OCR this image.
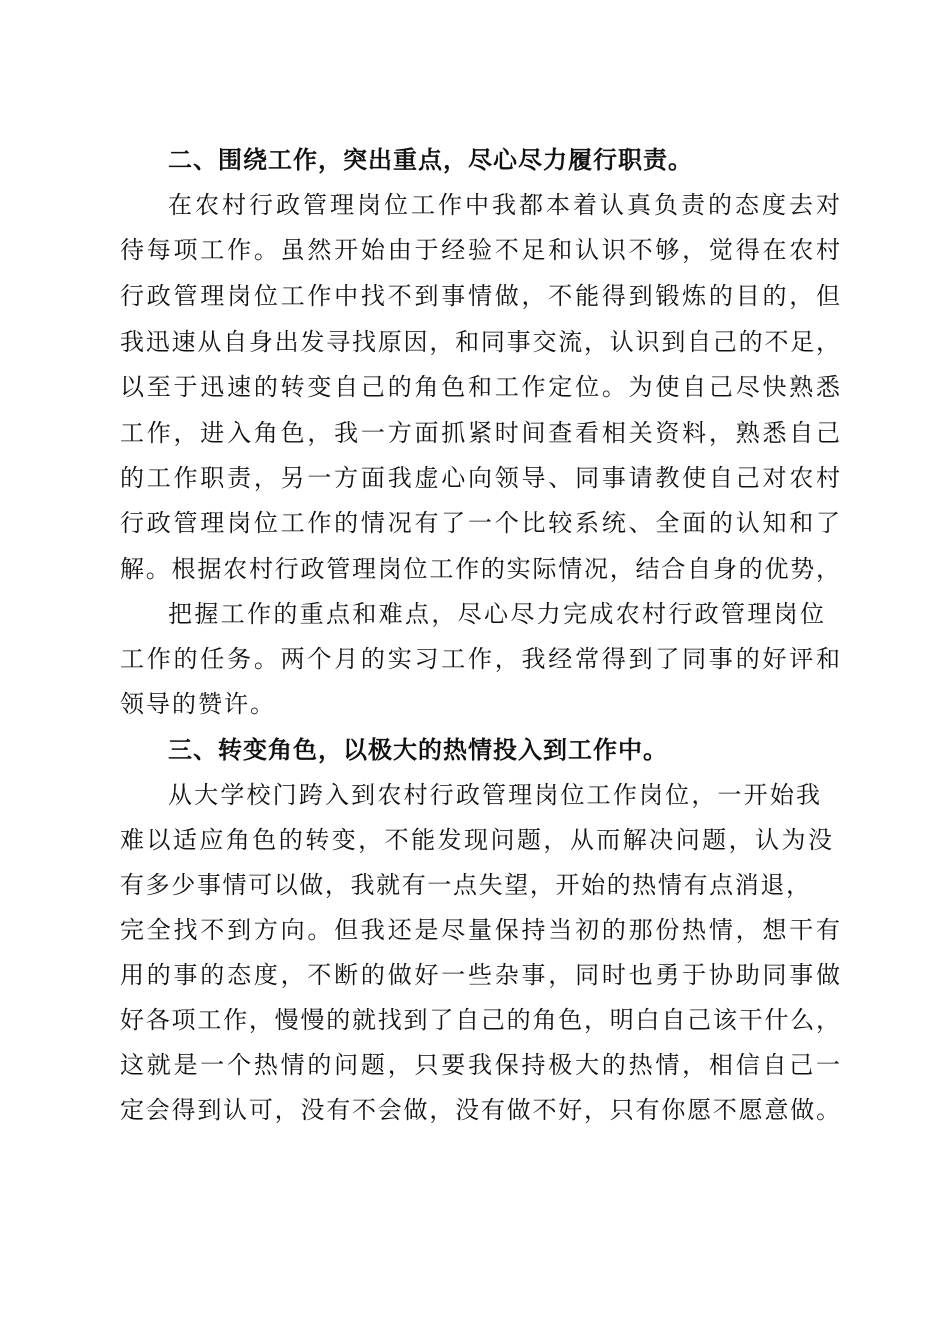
二、围绕工作，突出重点，尽心尽力履行职责。
在农村行政管理岗位工作中我都本着认真负责的态度去对
待每项工作。虽然开始由于经验不足和认识不够，觉得在农村
行政管理岗位工作中找不到事情做，不能得到锻炼的目的，但
我迅速从自身出发寻找原因，和同事交流，认识到自己的不足，
以至于迅速的转变自己的角色和工作定位。为使自己尽快熟悉
工作，进入角色，我一方面抓紧时间查看相关资料，熟悉自己
的工作职责，另一方面我虚心向领导、同事请教使自己对农村
行政管理岗位工作的情况有了一个比较系统、全面的认知和了
解。根据农村行政管理岗位工作的实际情况，结合自身的优势，
把握工作的重点和难点，尽心尽力完成农村行政管理岗位
工作的任务。两个月的实习工作，我经常得到了同事的好评和
领导的赞许。
三、转变角色，以极大的热情投入到工作中。
从大学校门跨入到农村行政管理岗位工作岗位，一开始我
难以适应角色的转变，不能发现问题，从而解决问题，认为没
有多少事情可以做，我就有一点失望，开始的热情有点消退，
完全找不到方向。但我还是尽量保持当初的那份热情，想干有
用的事的态度，不断的做好一些杂事，同时也勇于协助同事做
好各项工作，慢慢的就找到了自己的角色，明白自己该干什么，
这就是一个热情的问题，只要我保持极大的热情，相信自己一
定会得到认可，没有不会做，没有做不好，只有你愿不愿意做。
